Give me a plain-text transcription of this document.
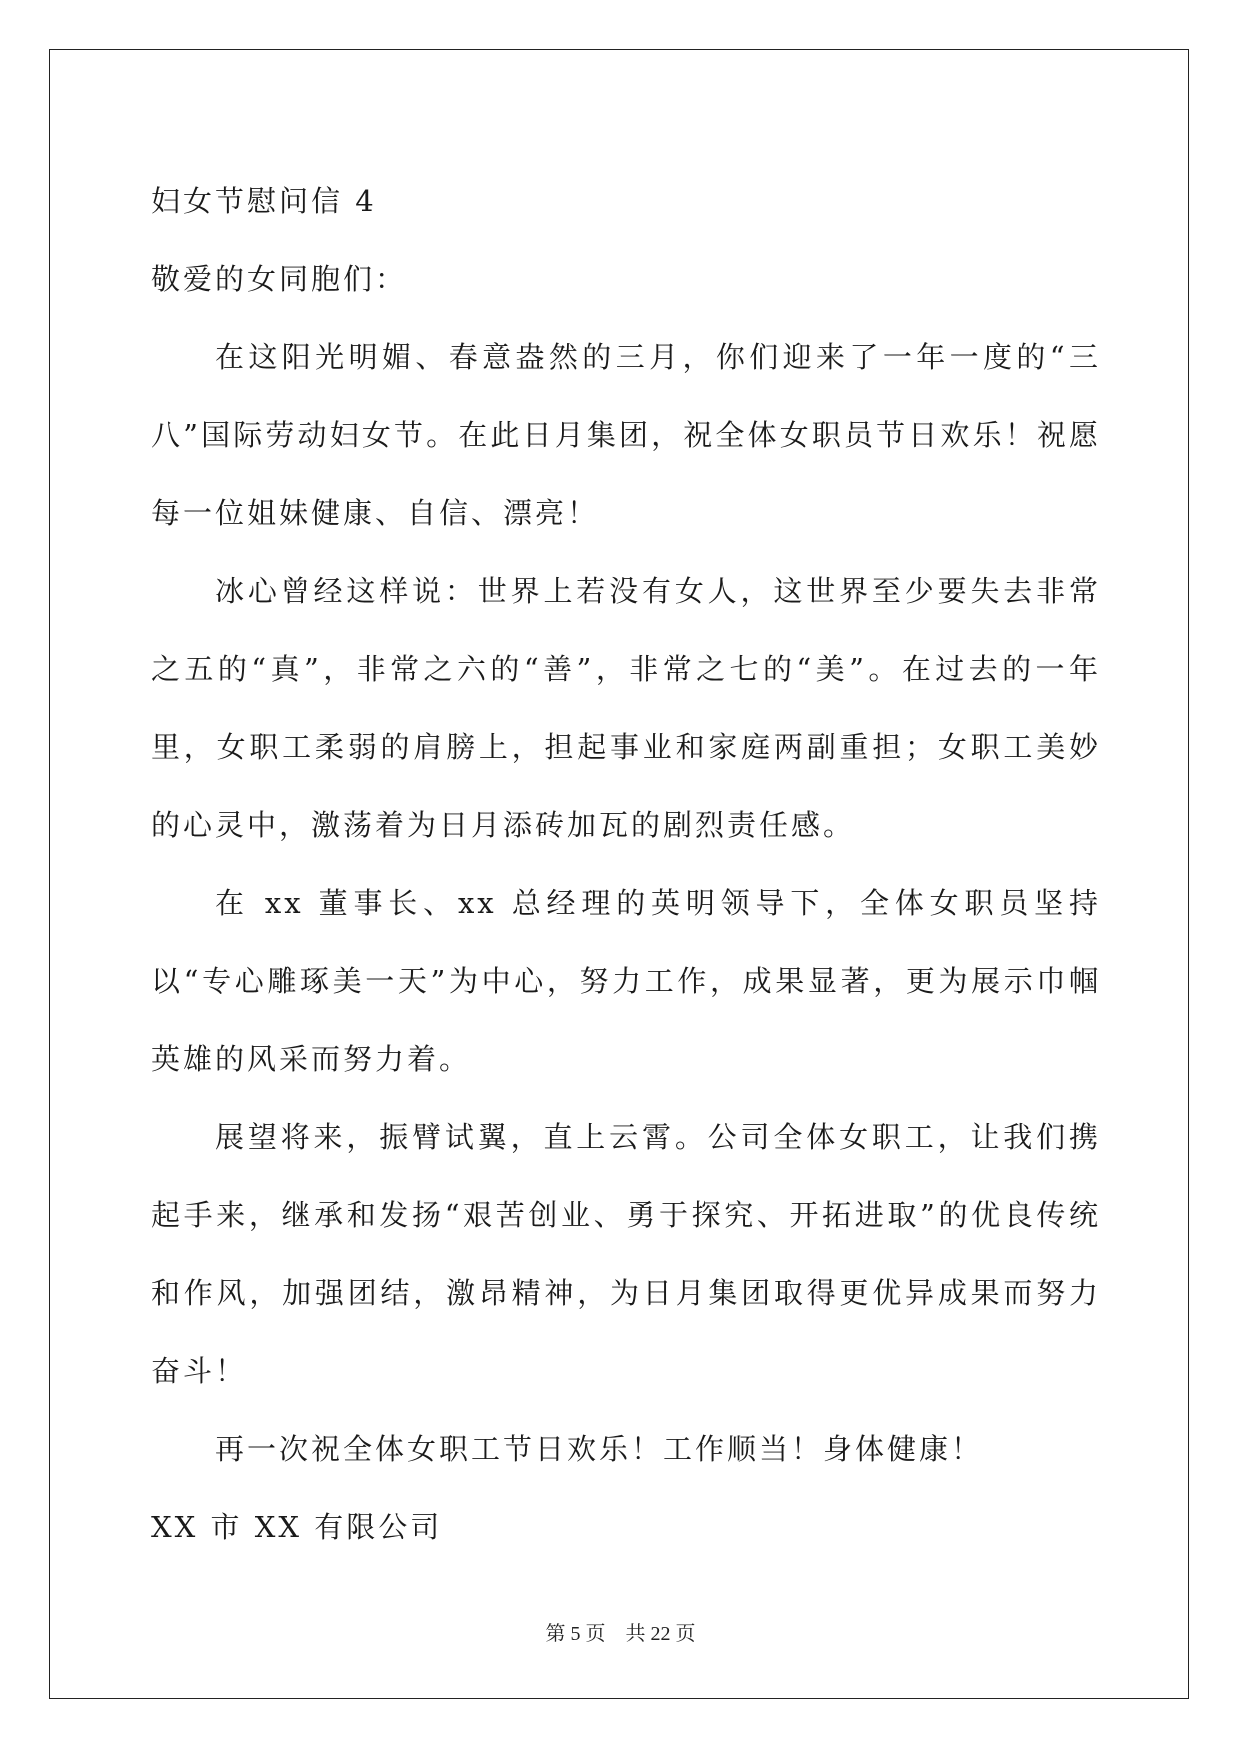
妇女节慰问信 4
敬爱的女同胞们：
在这阳光明媚、春意盎然的三月，你们迎来了一年一度的“三八”国际劳动妇女节。在此日月集团，祝全体女职员节日欢乐！祝愿每一位姐妹健康、自信、漂亮！
冰心曾经这样说：世界上若没有女人，这世界至少要失去非常之五的“真”，非常之六的“善”，非常之七的“美”。在过去的一年里，女职工柔弱的肩膀上，担起事业和家庭两副重担；女职工美妙的心灵中，激荡着为日月添砖加瓦的剧烈责任感。
在 xx 董事长、xx 总经理的英明领导下，全体女职员坚持以“专心雕琢美一天”为中心，努力工作，成果显著，更为展示巾帼英雄的风采而努力着。
展望将来，振臂试翼，直上云霄。公司全体女职工，让我们携起手来，继承和发扬“艰苦创业、勇于探究、开拓进取”的优良传统和作风，加强团结，激昂精神，为日月集团取得更优异成果而努力奋斗！
再一次祝全体女职工节日欢乐！工作顺当！身体健康！
XX 市 XX 有限公司
第 5 页　共 22 页
